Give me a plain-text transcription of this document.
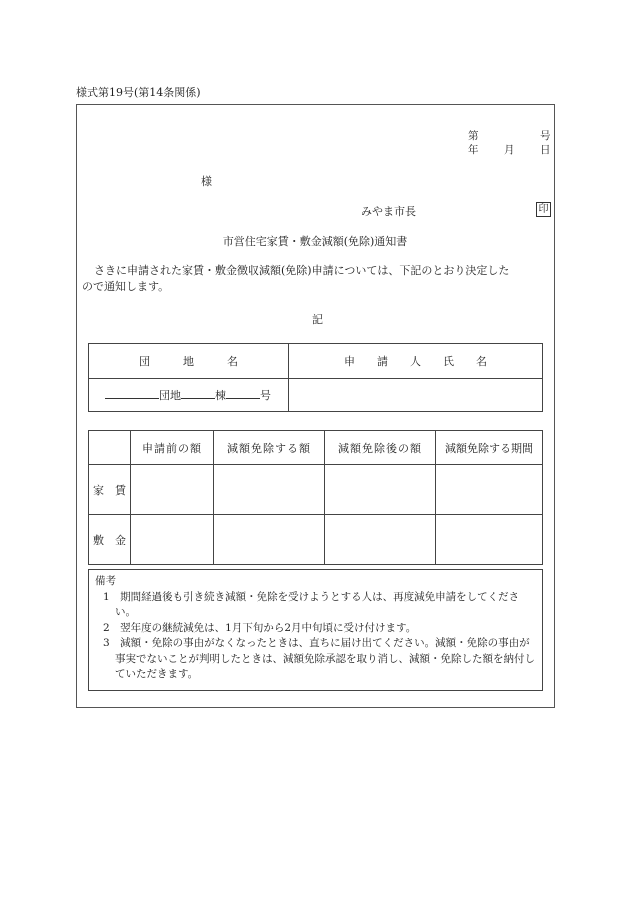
様式第19号(第14条関係)
第	号
年 月 日
様
みやま市長	印
市営住宅家賃・敷金減額(免除)通知書
さきに申請された家賃・敷金徴収減額(免除)申請については、下記のとおり決定した
ので通知します。
記
団　　　地　　　名	申　　請　　人　　氏　　名
団地 棟 号	
	申請前の額	減額免除する額	減額免除後の額	減額免除する期間
家　賃				
敷　金				
備考
1　期間経過後も引き続き減額・免除を受けようとする人は、再度減免申請をしてください。
2　翌年度の継続減免は、1月下旬から2月中旬頃に受け付けます。
3　減額・免除の事由がなくなったときは、直ちに届け出てください。減額・免除の事由が事実でないことが判明したときは、減額免除承認を取り消し、減額・免除した額を納付していただきます。
